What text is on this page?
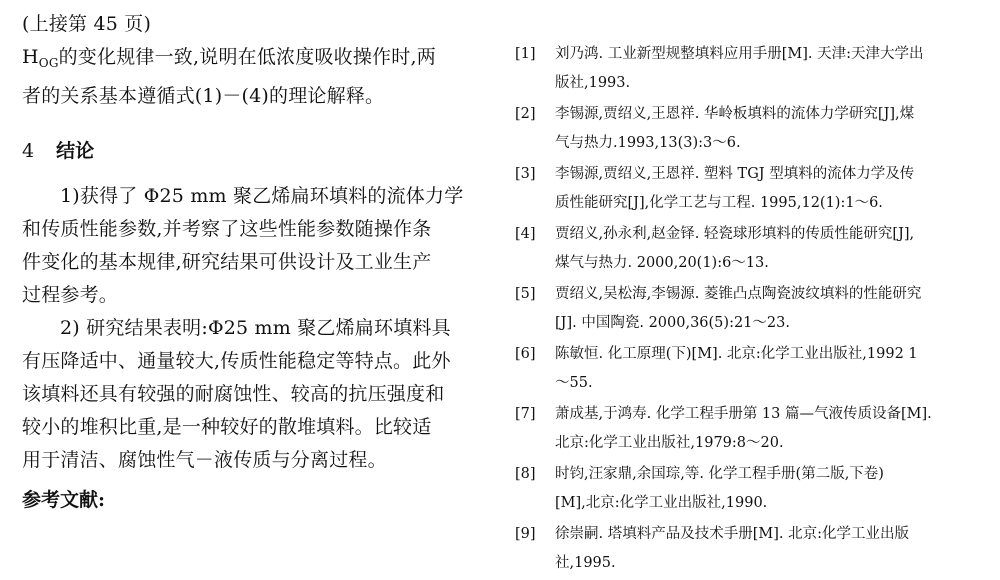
(上接第 45 页)

$H_{OG}$的变化规律一致,说明在低浓度吸收操作时,两

者的关系基本遵循式(1)－(4)的理论解释。

4 结论

1)获得了 Φ25 mm 聚乙烯扁环填料的流体力学

和传质性能参数,并考察了这些性能参数随操作条

件变化的基本规律,研究结果可供设计及工业生产

过程参考。

2) 研究结果表明:Φ25 mm 聚乙烯扁环填料具

有压降适中、通量较大,传质性能稳定等特点。此外

该填料还具有较强的耐腐蚀性、较高的抗压强度和

较小的堆积比重,是一种较好的散堆填料。比较适

用于清洁、腐蚀性气－液传质与分离过程。

参考文献:
[1]	刘乃鸿. 工业新型规整填料应用手册[M]. 天津:天津大学出
版社,1993.
[2]	李锡源,贾绍义,王恩祥. 华岭板填料的流体力学研究[J],煤
气与热力.1993,13(3):3～6.
[3]	李锡源,贾绍义,王恩祥. 塑料 TGJ 型填料的流体力学及传
质性能研究[J],化学工艺与工程. 1995,12(1):1～6.
[4]	贾绍义,孙永利,赵金铎. 轻瓷球形填料的传质性能研究[J],
煤气与热力. 2000,20(1):6～13.
[5]	贾绍义,吴松海,李锡源. 菱锥凸点陶瓷波纹填料的性能研究
[J]. 中国陶瓷. 2000,36(5):21～23.
[6]	陈敏恒. 化工原理(下)[M]. 北京:化学工业出版社,1992 1
～55.
[7]	萧成基,于鸿寿. 化学工程手册第 13 篇—气液传质设备[M].
北京:化学工业出版社,1979:8～20.
[8]	时钧,汪家鼎,余国琮,等. 化学工程手册(第二版,下卷)
[M],北京:化学工业出版社,1990.
[9]	徐崇嗣. 塔填料产品及技术手册[M]. 北京:化学工业出版
社,1995.
